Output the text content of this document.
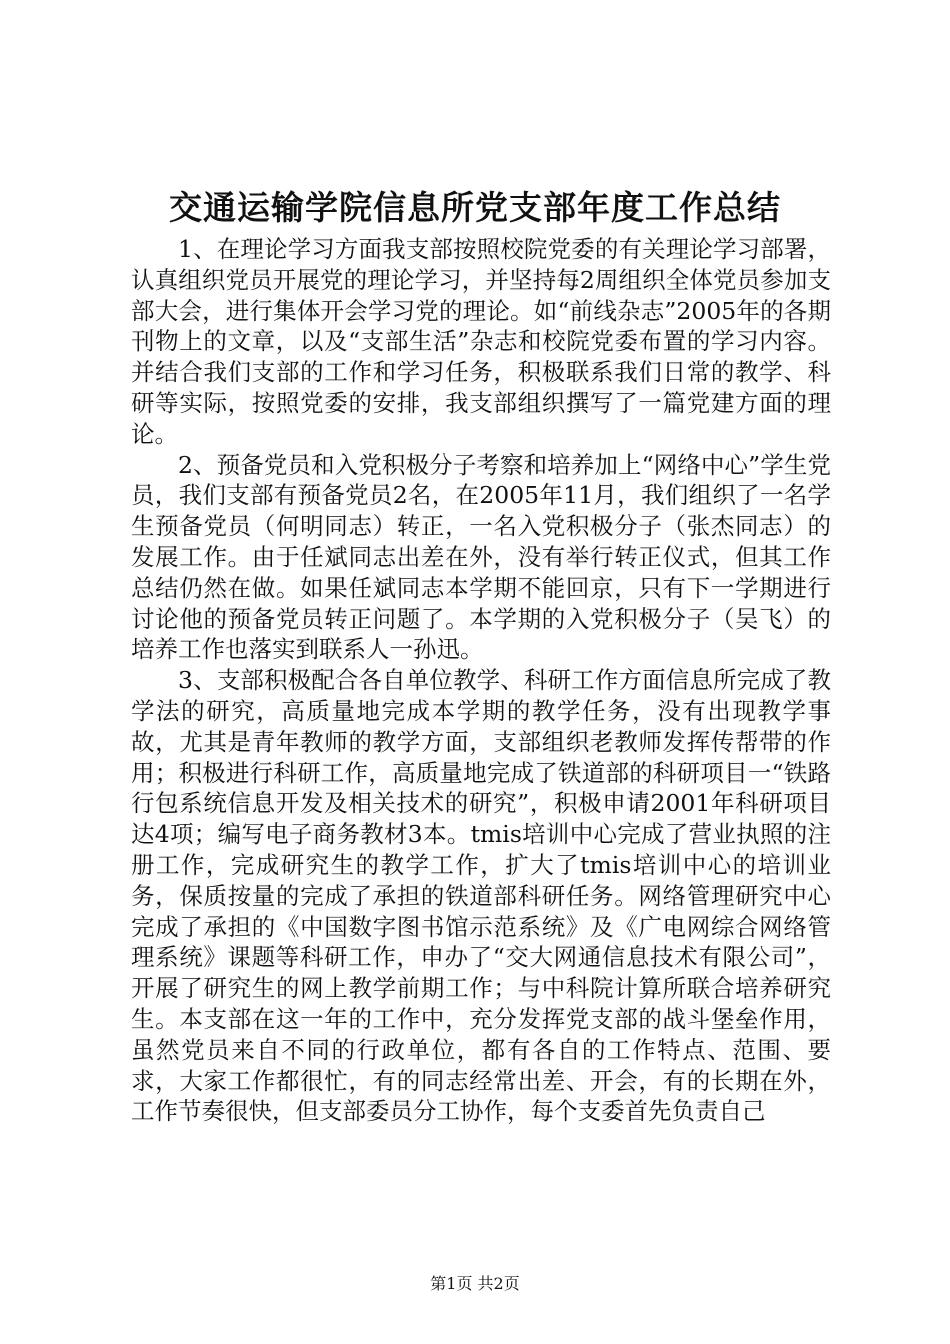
交通运输学院信息所党支部年度工作总结

1、在理论学习方面我支部按照校院党委的有关理论学习部署，认真组织党员开展党的理论学习，并坚持每2周组织全体党员参加支部大会，进行集体开会学习党的理论。如“前线杂志”2005年的各期刊物上的文章，以及“支部生活”杂志和校院党委布置的学习内容。并结合我们支部的工作和学习任务，积极联系我们日常的教学、科研等实际，按照党委的安排，我支部组织撰写了一篇党建方面的理论。

2、预备党员和入党积极分子考察和培养加上“网络中心”学生党员，我们支部有预备党员2名，在2005年11月，我们组织了一名学生预备党员（何明同志）转正，一名入党积极分子（张杰同志）的发展工作。由于任斌同志出差在外，没有举行转正仪式，但其工作总结仍然在做。如果任斌同志本学期不能回京，只有下一学期进行讨论他的预备党员转正问题了。本学期的入党积极分子（吴飞）的培养工作也落实到联系人一孙迅。

3、支部积极配合各自单位教学、科研工作方面信息所完成了教学法的研究，高质量地完成本学期的教学任务，没有出现教学事故，尤其是青年教师的教学方面，支部组织老教师发挥传帮带的作用；积极进行科研工作，高质量地完成了铁道部的科研项目一“铁路行包系统信息开发及相关技术的研究”，积极申请2001年科研项目达4项；编写电子商务教材3本。tmis培训中心完成了营业执照的注册工作，完成研究生的教学工作，扩大了tmis培训中心的培训业务，保质按量的完成了承担的铁道部科研任务。网络管理研究中心完成了承担的《中国数字图书馆示范系统》及《广电网综合网络管理系统》课题等科研工作，申办了“交大网通信息技术有限公司”，开展了研究生的网上教学前期工作；与中科院计算所联合培养研究生。本支部在这一年的工作中，充分发挥党支部的战斗堡垒作用，虽然党员来自不同的行政单位，都有各自的工作特点、范围、要求，大家工作都很忙，有的同志经常出差、开会，有的长期在外，工作节奏很快，但支部委员分工协作，每个支委首先负责自己

第1页 共2页
